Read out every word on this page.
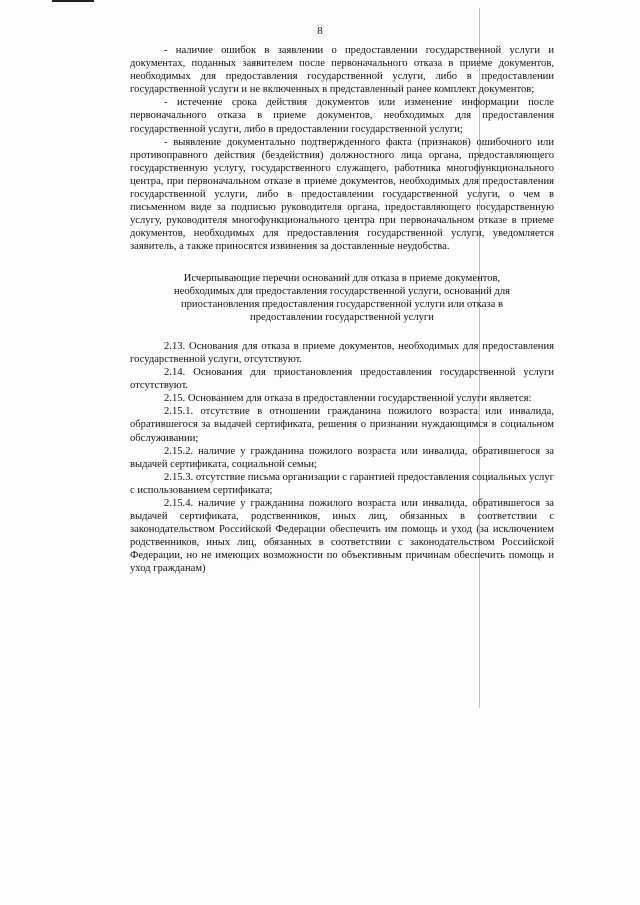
8

- наличие ошибок в заявлении о предоставлении государственной услуги и документах, поданных заявителем после первоначального отказа в приеме документов, необходимых для предоставления государственной услуги, либо в предоставлении государственной услуги и не включенных в представленный ранее комплект документов;

- истечение срока действия документов или изменение информации после первоначального отказа в приеме документов, необходимых для предоставления государственной услуги, либо в предоставлении государственной услуги;

- выявление документально подтвержденного факта (признаков) ошибочного или противоправного действия (бездействия) должностного лица органа, предоставляющего государственную услугу, государственного служащего, работника многофункционального центра, при первоначальном отказе в приеме документов, необходимых для предоставления государственной услуги, либо в предоставлении государственной услуги, о чем в письменном виде за подписью руководителя органа, предоставляющего государственную услугу, руководителя многофункционального центра при первоначальном отказе в приеме документов, необходимых для предоставления государственной услуги, уведомляется заявитель, а также приносятся извинения за доставленные неудобства.

Исчерпывающие перечни оснований для отказа в приеме документов,
необходимых для предоставления государственной услуги, оснований для
приостановления предоставления государственной услуги или отказа в
предоставлении государственной услуги

2.13. Основания для отказа в приеме документов, необходимых для предоставления государственной услуги, отсутствуют.

2.14. Основания для приостановления предоставления государственной услуги отсутствуют.

2.15. Основанием для отказа в предоставлении государственной услуги является:

2.15.1. отсутствие в отношении гражданина пожилого возраста или инвалида, обратившегося за выдачей сертификата, решения о признании нуждающимся в социальном обслуживании;

2.15.2. наличие у гражданина пожилого возраста или инвалида, обратившегося за выдачей сертификата, социальной семьи;

2.15.3. отсутствие письма организации с гарантией предоставления социальных услуг с использованием сертификата;

2.15.4. наличие у гражданина пожилого возраста или инвалида, обратившегося за выдачей сертификата, родственников, иных лиц, обязанных в соответствии с законодательством Российской Федерации обеспечить им помощь и уход (за исключением родственников, иных лиц, обязанных в соответствии с законодательством Российской Федерации, но не имеющих возможности по объективным причинам обеспечить помощь и уход гражданам)
